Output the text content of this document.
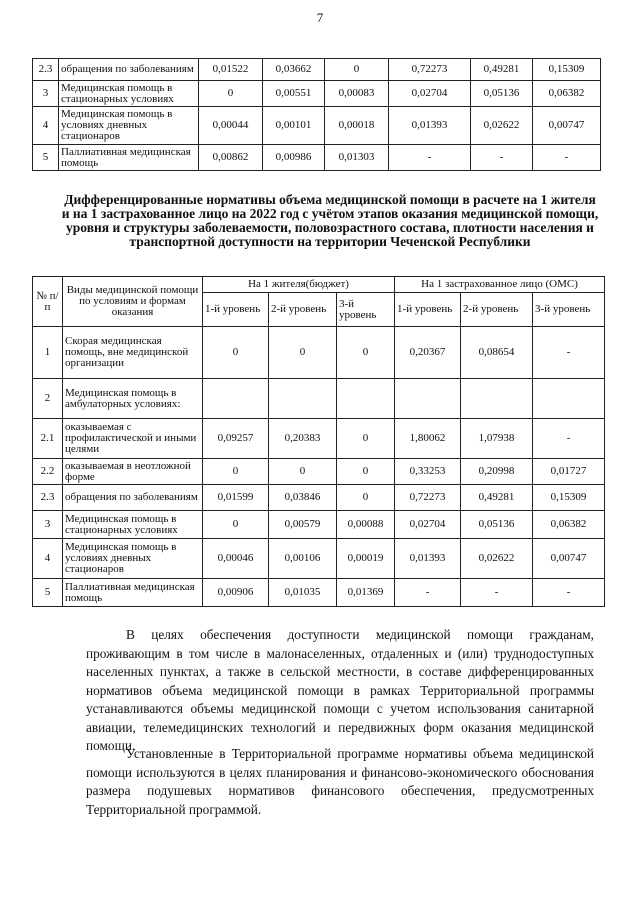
7
2.3	обращения по заболеваниям	0,01522	0,03662	0	0,72273	0,49281	0,15309
3	Медицинская помощь в стационарных условиях	0	0,00551	0,00083	0,02704	0,05136	0,06382
4	Медицинская помощь в условиях дневных стационаров	0,00044	0,00101	0,00018	0,01393	0,02622	0,00747
5	Паллиативная медицинская помощь	0,00862	0,00986	0,01303	-	-	-
Дифференцированные нормативы объема медицинской помощи в расчете на 1 жителя и на 1 застрахованное лицо на 2022 год с учётом этапов оказания медицинской помощи, уровня и структуры заболеваемости, половозрастного состава, плотности населения и транспортной доступности на территории Чеченской Республики
№ п/п	Виды медицинской помощи по условиям и формам оказания	На 1 жителя(бюджет)			На 1 застрахованное лицо (ОМС)		
		1-й уровень	2-й уровень	3-й уровень	1-й уровень	2-й уровень	3-й уровень
1	Скорая медицинская помощь, вне медицинской организации	0	0	0	0,20367	0,08654	-
2	Медицинская помощь в амбулаторных условиях:						
2.1	оказываемая с профилактической и иными целями	0,09257	0,20383	0	1,80062	1,07938	-
2.2	оказываемая в неотложной форме	0	0	0	0,33253	0,20998	0,01727
2.3	обращения по заболеваниям	0,01599	0,03846	0	0,72273	0,49281	0,15309
3	Медицинская помощь в стационарных условиях	0	0,00579	0,00088	0,02704	0,05136	0,06382
4	Медицинская помощь в условиях дневных стационаров	0,00046	0,00106	0,00019	0,01393	0,02622	0,00747
5	Паллиативная медицинская помощь	0,00906	0,01035	0,01369	-	-	-
В целях обеспечения доступности медицинской помощи гражданам, проживающим в том числе в малонаселенных, отдаленных и (или) труднодоступных населенных пунктах, а также в сельской местности, в составе дифференцированных нормативов объема медицинской помощи в рамках Территориальной программы устанавливаются объемы медицинской помощи с учетом использования санитарной авиации, телемедицинских технологий и передвижных форм оказания медицинской помощи.
Установленные в Территориальной программе нормативы объема медицинской помощи используются в целях планирования и финансово-экономического обоснования размера подушевых нормативов финансового обеспечения, предусмотренных Территориальной программой.
